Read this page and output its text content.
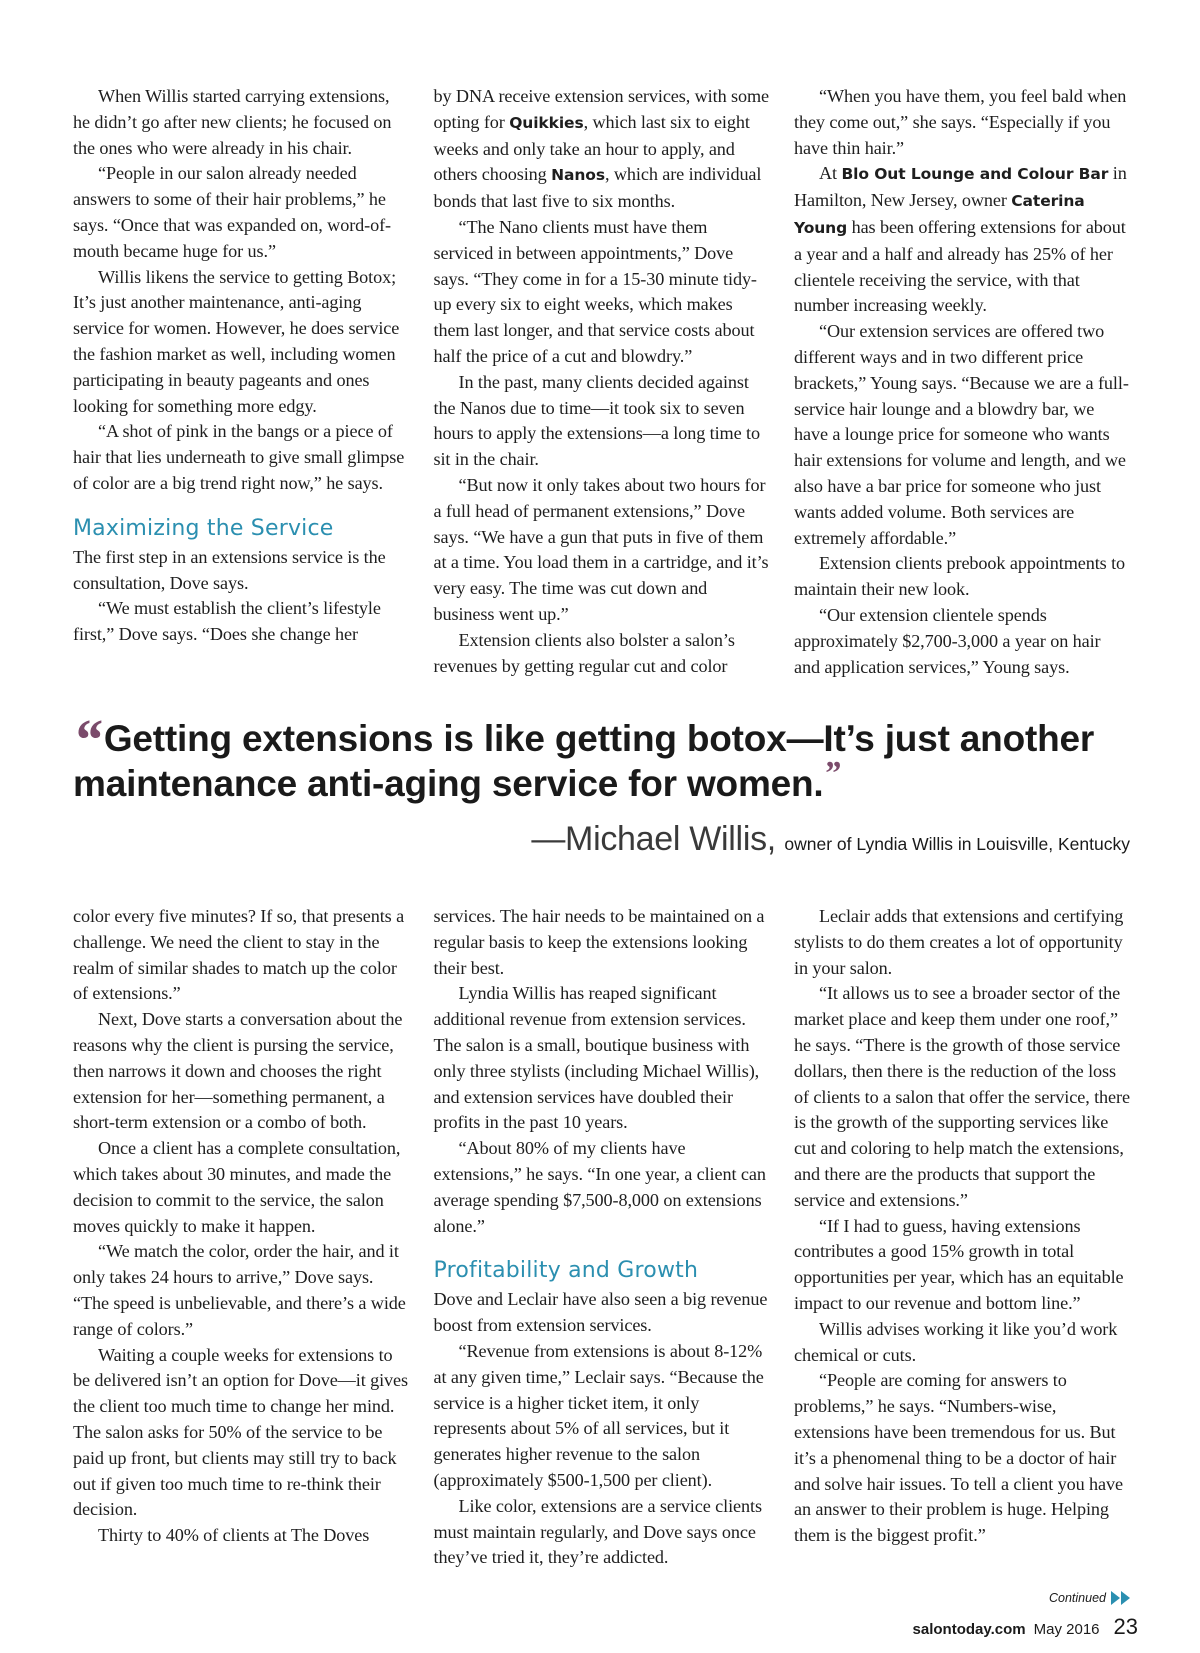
When Willis started carrying extensions, he didn’t go after new clients; he focused on the ones who were already in his chair.

“People in our salon already needed answers to some of their hair problems,” he says. “Once that was expanded on, word-of-mouth became huge for us.”

Willis likens the service to getting Botox; It’s just another maintenance, anti-aging service for women. However, he does service the fashion market as well, including women participating in beauty pageants and ones looking for something more edgy.

“A shot of pink in the bangs or a piece of hair that lies underneath to give small glimpse of color are a big trend right now,” he says.

Maximizing the Service

The first step in an extensions service is the consultation, Dove says.

“We must establish the client’s lifestyle first,” Dove says. “Does she change her

by DNA receive extension services, with some opting for Quikkies, which last six to eight weeks and only take an hour to apply, and others choosing Nanos, which are individual bonds that last five to six months.

“The Nano clients must have them serviced in between appointments,” Dove says. “They come in for a 15-30 minute tidy-up every six to eight weeks, which makes them last longer, and that service costs about half the price of a cut and blowdry.”

In the past, many clients decided against the Nanos due to time—it took six to seven hours to apply the extensions—a long time to sit in the chair.

“But now it only takes about two hours for a full head of permanent extensions,” Dove says. “We have a gun that puts in five of them at a time. You load them in a cartridge, and it’s very easy. The time was cut down and business went up.”

Extension clients also bolster a salon’s revenues by getting regular cut and color

“When you have them, you feel bald when they come out,” she says. “Especially if you have thin hair.”

At Blo Out Lounge and Colour Bar in Hamilton, New Jersey, owner Caterina Young has been offering extensions for about a year and a half and already has 25% of her clientele receiving the service, with that number increasing weekly.

“Our extension services are offered two different ways and in two different price brackets,” Young says. “Because we are a full-service hair lounge and a blowdry bar, we have a lounge price for someone who wants hair extensions for volume and length, and we also have a bar price for someone who just wants added volume. Both services are extremely affordable.”

Extension clients prebook appointments to maintain their new look.

“Our extension clientele spends approximately $2,700-3,000 a year on hair and application services,” Young says.

“Getting extensions is like getting botox—It’s just another maintenance anti-aging service for women.”

—Michael Willis, owner of Lyndia Willis in Louisville, Kentucky

color every five minutes? If so, that presents a challenge. We need the client to stay in the realm of similar shades to match up the color of extensions.”

Next, Dove starts a conversation about the reasons why the client is pursing the service, then narrows it down and chooses the right extension for her—something permanent, a short-term extension or a combo of both.

Once a client has a complete consultation, which takes about 30 minutes, and made the decision to commit to the service, the salon moves quickly to make it happen.

“We match the color, order the hair, and it only takes 24 hours to arrive,” Dove says. “The speed is unbelievable, and there’s a wide range of colors.”

Waiting a couple weeks for extensions to be delivered isn’t an option for Dove—it gives the client too much time to change her mind. The salon asks for 50% of the service to be paid up front, but clients may still try to back out if given too much time to re-think their decision.

Thirty to 40% of clients at The Doves

services. The hair needs to be maintained on a regular basis to keep the extensions looking their best.

Lyndia Willis has reaped significant additional revenue from extension services. The salon is a small, boutique business with only three stylists (including Michael Willis), and extension services have doubled their profits in the past 10 years.

“About 80% of my clients have extensions,” he says. “In one year, a client can average spending $7,500-8,000 on extensions alone.”

Profitability and Growth

Dove and Leclair have also seen a big revenue boost from extension services.

“Revenue from extensions is about 8-12% at any given time,” Leclair says. “Because the service is a higher ticket item, it only represents about 5% of all services, but it generates higher revenue to the salon (approximately $500-1,500 per client).

Like color, extensions are a service clients must maintain regularly, and Dove says once they’ve tried it, they’re addicted.

Leclair adds that extensions and certifying stylists to do them creates a lot of opportunity in your salon.

“It allows us to see a broader sector of the market place and keep them under one roof,” he says. “There is the growth of those service dollars, then there is the reduction of the loss of clients to a salon that offer the service, there is the growth of the supporting services like cut and coloring to help match the extensions, and there are the products that support the service and extensions.”

“If I had to guess, having extensions contributes a good 15% growth in total opportunities per year, which has an equitable impact to our revenue and bottom line.”

Willis advises working it like you’d work chemical or cuts.

“People are coming for answers to problems,” he says. “Numbers-wise, extensions have been tremendous for us. But it’s a phenomenal thing to be a doctor of hair and solve hair issues. To tell a client you have an answer to their problem is huge. Helping them is the biggest profit.”

Continued
salontoday.com May 2016 23
